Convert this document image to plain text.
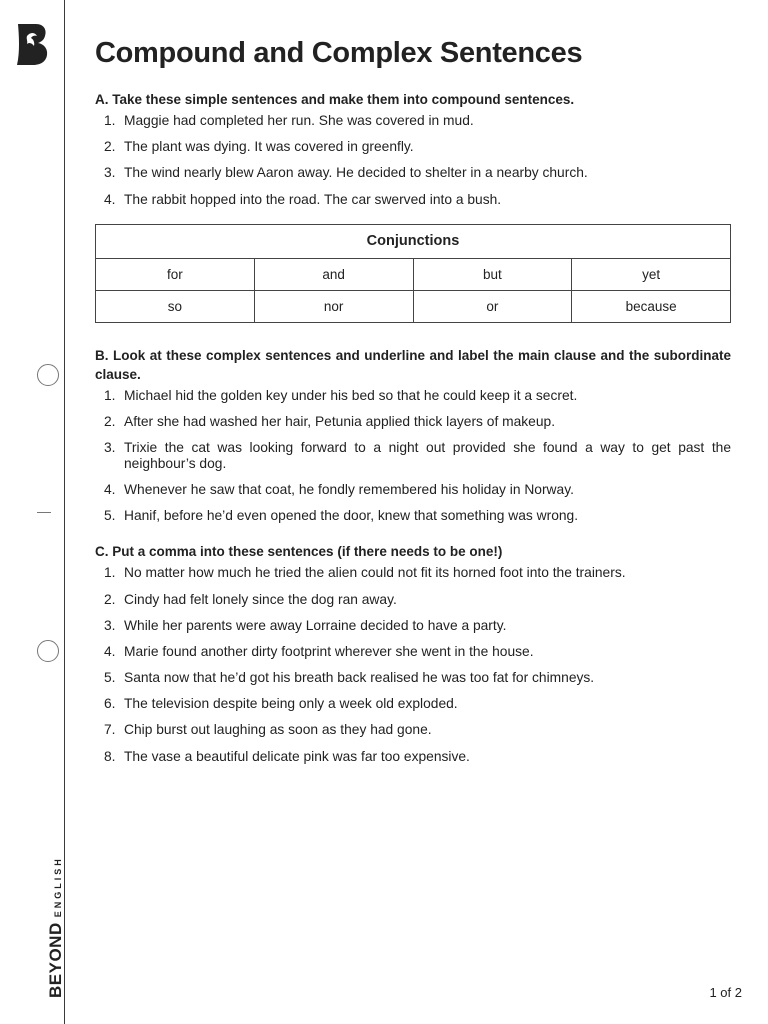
BEYONDENGLISH
Compound and Complex Sentences

A. Take these simple sentences and make them into compound sentences.

1. Maggie had completed her run. She was covered in mud.
2. The plant was dying. It was covered in greenfly.
3. The wind nearly blew Aaron away. He decided to shelter in a nearby church.
4. The rabbit hopped into the road. The car swerved into a bush.
Conjunctions			
for	and	but	yet
so	nor	or	because

B. Look at these complex sentences and underline and label the main clause and the subordinate clause.

1. Michael hid the golden key under his bed so that he could keep it a secret.
2. After she had washed her hair, Petunia applied thick layers of makeup.
3. Trixie the cat was looking forward to a night out provided she found a way to get past the neighbour’s dog.
4. Whenever he saw that coat, he fondly remembered his holiday in Norway.
5. Hanif, before he’d even opened the door, knew that something was wrong.

C. Put a comma into these sentences (if there needs to be one!)

1. No matter how much he tried the alien could not fit its horned foot into the trainers.
2. Cindy had felt lonely since the dog ran away.
3. While her parents were away Lorraine decided to have a party.
4. Marie found another dirty footprint wherever she went in the house.
5. Santa now that he’d got his breath back realised he was too fat for chimneys.
6. The television despite being only a week old exploded.
7. Chip burst out laughing as soon as they had gone.
8. The vase a beautiful delicate pink was far too expensive.
1 of 2
